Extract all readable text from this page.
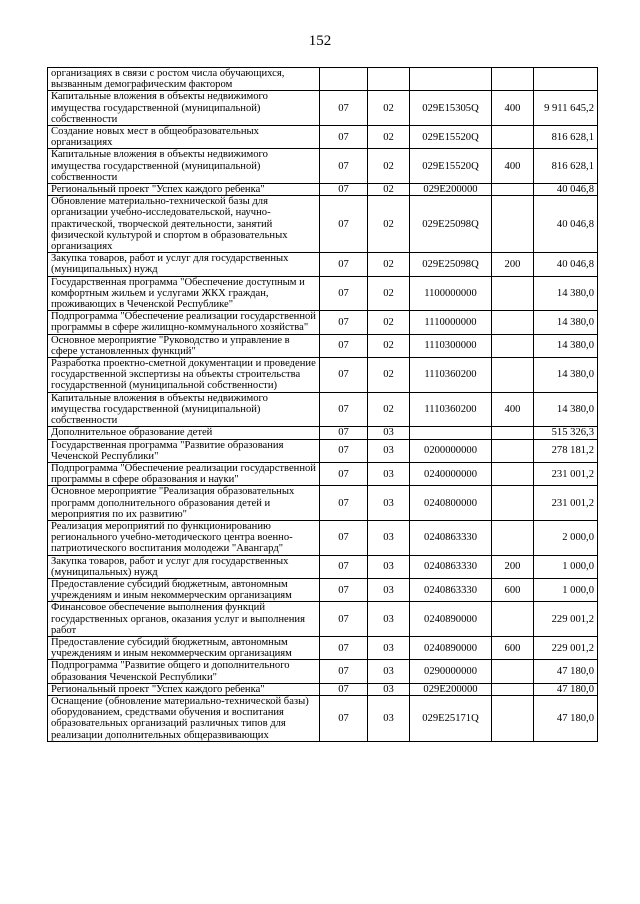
152
организациях в связи с ростом числа обучающихся, вызванным демографическим фактором					
Капитальные вложения в объекты недвижимого имущества государственной (муниципальной) собственности	07	02	029E15305Q	400	9 911 645,2
Создание новых мест в общеобразовательных организациях	07	02	029E15520Q		816 628,1
Капитальные вложения в объекты недвижимого имущества государственной (муниципальной) собственности	07	02	029E15520Q	400	816 628,1
Региональный проект "Успех каждого ребенка"	07	02	029E200000		40 046,8
Обновление материально-технической базы для организации учебно-исследовательской, научно-практической, творческой деятельности, занятий физической культурой и спортом в образовательных организациях	07	02	029E25098Q		40 046,8
Закупка товаров, работ и услуг для государственных (муниципальных) нужд	07	02	029E25098Q	200	40 046,8
Государственная программа "Обеспечение доступным и комфортным жильем и услугами ЖКХ граждан, проживающих в Чеченской Республике"	07	02	1100000000		14 380,0
Подпрограмма "Обеспечение реализации государственной программы в сфере жилищно-коммунального хозяйства"	07	02	1110000000		14 380,0
Основное мероприятие "Руководство и управление в сфере установленных функций"	07	02	1110300000		14 380,0
Разработка проектно-сметной документации и проведение государственной экспертизы на объекты строительства государственной (муниципальной собственности)	07	02	1110360200		14 380,0
Капитальные вложения в объекты недвижимого имущества государственной (муниципальной) собственности	07	02	1110360200	400	14 380,0
Дополнительное образование детей	07	03			515 326,3
Государственная программа "Развитие образования Чеченской Республики"	07	03	0200000000		278 181,2
Подпрограмма "Обеспечение реализации государственной программы в сфере образования и науки"	07	03	0240000000		231 001,2
Основное мероприятие "Реализация образовательных программ дополнительного образования детей и мероприятия по их развитию"	07	03	0240800000		231 001,2
Реализация мероприятий по функционированию регионального учебно-методического центра военно-патриотического воспитания молодежи "Авангард"	07	03	0240863330		2 000,0
Закупка товаров, работ и услуг для государственных (муниципальных) нужд	07	03	0240863330	200	1 000,0
Предоставление субсидий бюджетным, автономным учреждениям и иным некоммерческим организациям	07	03	0240863330	600	1 000,0
Финансовое обеспечение выполнения функций государственных органов, оказания услуг и выполнения работ	07	03	0240890000		229 001,2
Предоставление субсидий бюджетным, автономным учреждениям и иным некоммерческим организациям	07	03	0240890000	600	229 001,2
Подпрограмма "Развитие общего и дополнительного образования Чеченской Республики"	07	03	0290000000		47 180,0
Региональный проект "Успех каждого ребенка"	07	03	029E200000		47 180,0
Оснащение (обновление материально-технической базы) оборудованием, средствами обучения и воспитания образовательных организаций различных типов для реализации дополнительных общеразвивающих	07	03	029E25171Q		47 180,0
